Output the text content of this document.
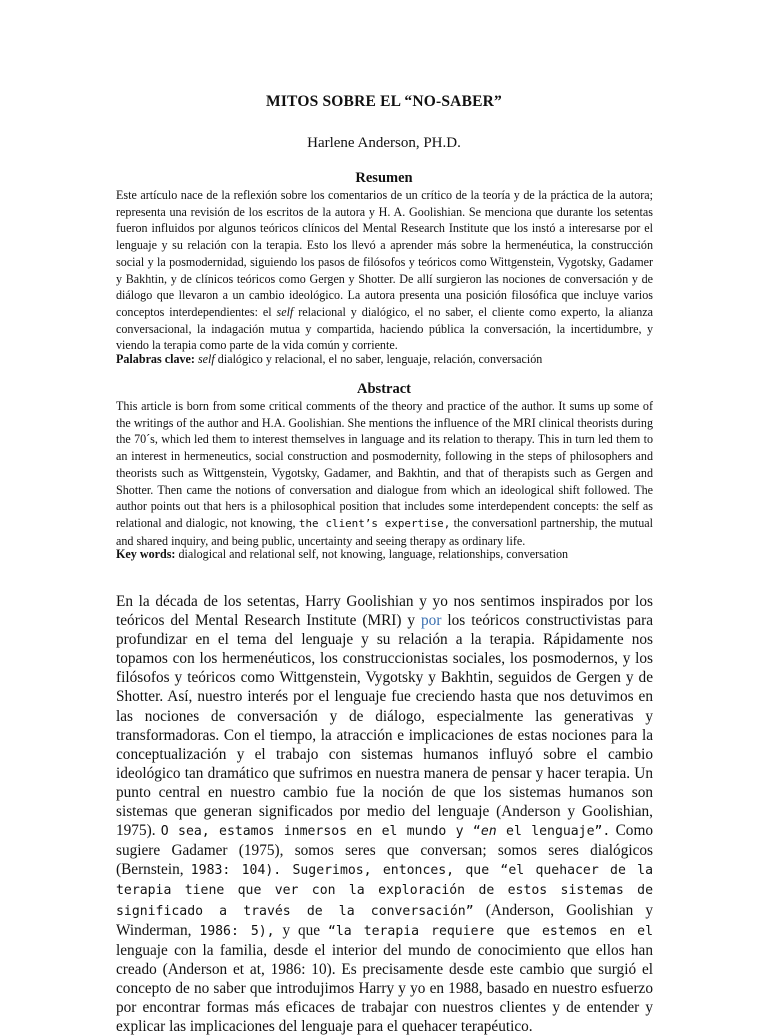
MITOS SOBRE EL “NO-SABER”
Harlene Anderson, PH.D.
Resumen

Este artículo nace de la reflexión sobre los comentarios de un crítico de la teoría y de la práctica de la autora; representa una revisión de los escritos de la autora y H. A. Goolishian. Se menciona que durante los setentas fueron influidos por algunos teóricos clínicos del Mental Research Institute que los instó a interesarse por el lenguaje y su relación con la terapia. Esto los llevó a aprender más sobre la hermenéutica, la construcción social y la posmodernidad, siguiendo los pasos de filósofos y teóricos como Wittgenstein, Vygotsky, Gadamer y Bakhtin, y de clínicos teóricos como Gergen y Shotter. De allí surgieron las nociones de conversación y de diálogo que llevaron a un cambio ideológico. La autora presenta una posición filosófica que incluye varios conceptos interdependientes: el self relacional y dialógico, el no saber, el cliente como experto, la alianza conversacional, la indagación mutua y compartida, haciendo pública la conversación, la incertidumbre, y viendo la terapia como parte de la vida común y corriente.

Palabras clave: self dialógico y relacional, el no saber, lenguaje, relación, conversación

Abstract

This article is born from some critical comments of the theory and practice of the author. It sums up some of the writings of the author and H.A. Goolishian. She mentions the influence of the MRI clinical theorists during the 70´s, which led them to interest themselves in language and its relation to therapy. This in turn led them to an interest in hermeneutics, social construction and posmodernity, following in the steps of philosophers and theorists such as Wittgenstein, Vygotsky, Gadamer, and Bakhtin, and that of therapists such as Gergen and Shotter. Then came the notions of conversation and dialogue from which an ideological shift followed. The author points out that hers is a philosophical position that includes some interdependent concepts: the self as relational and dialogic, not knowing, the client’s expertise, the conversationl partnership, the mutual and shared inquiry, and being public, uncertainty and seeing therapy as ordinary life.

Key words: dialogical and relational self, not knowing, language, relationships, conversation

En la década de los setentas, Harry Goolishian y yo nos sentimos inspirados por los teóricos del Mental Research Institute (MRI) y por los teóricos constructivistas para profundizar en el tema del lenguaje y su relación a la terapia. Rápidamente nos topamos con los hermenéuticos, los construccionistas sociales, los posmodernos, y los filósofos y teóricos como Wittgenstein, Vygotsky y Bakhtin, seguidos de Gergen y de Shotter. Así, nuestro interés por el lenguaje fue creciendo hasta que nos detuvimos en las nociones de conversación y de diálogo, especialmente las generativas y transformadoras. Con el tiempo, la atracción e implicaciones de estas nociones para la conceptualización y el trabajo con sistemas humanos influyó sobre el cambio ideológico tan dramático que sufrimos en nuestra manera de pensar y hacer terapia. Un punto central en nuestro cambio fue la noción de que los sistemas humanos son sistemas que generan significados por medio del lenguaje (Anderson y Goolishian, 1975). O sea, estamos inmersos en el mundo y “en el lenguaje”. Como sugiere Gadamer (1975), somos seres que conversan; somos seres dialógicos (Bernstein, 1983: 104). Sugerimos, entonces, que “el quehacer de la terapia tiene que ver con la exploración de estos sistemas de significado a través de la conversación” (Anderson, Goolishian y Winderman, 1986: 5), y que “la terapia requiere que estemos en el lenguaje con la familia, desde el interior del mundo de conocimiento que ellos han creado (Anderson et at, 1986: 10). Es precisamente desde este cambio que surgió el concepto de no saber que introdujimos Harry y yo en 1988, basado en nuestro esfuerzo por encontrar formas más eficaces de trabajar con nuestros clientes y de entender y explicar las implicaciones del lenguaje para el quehacer terapéutico.
